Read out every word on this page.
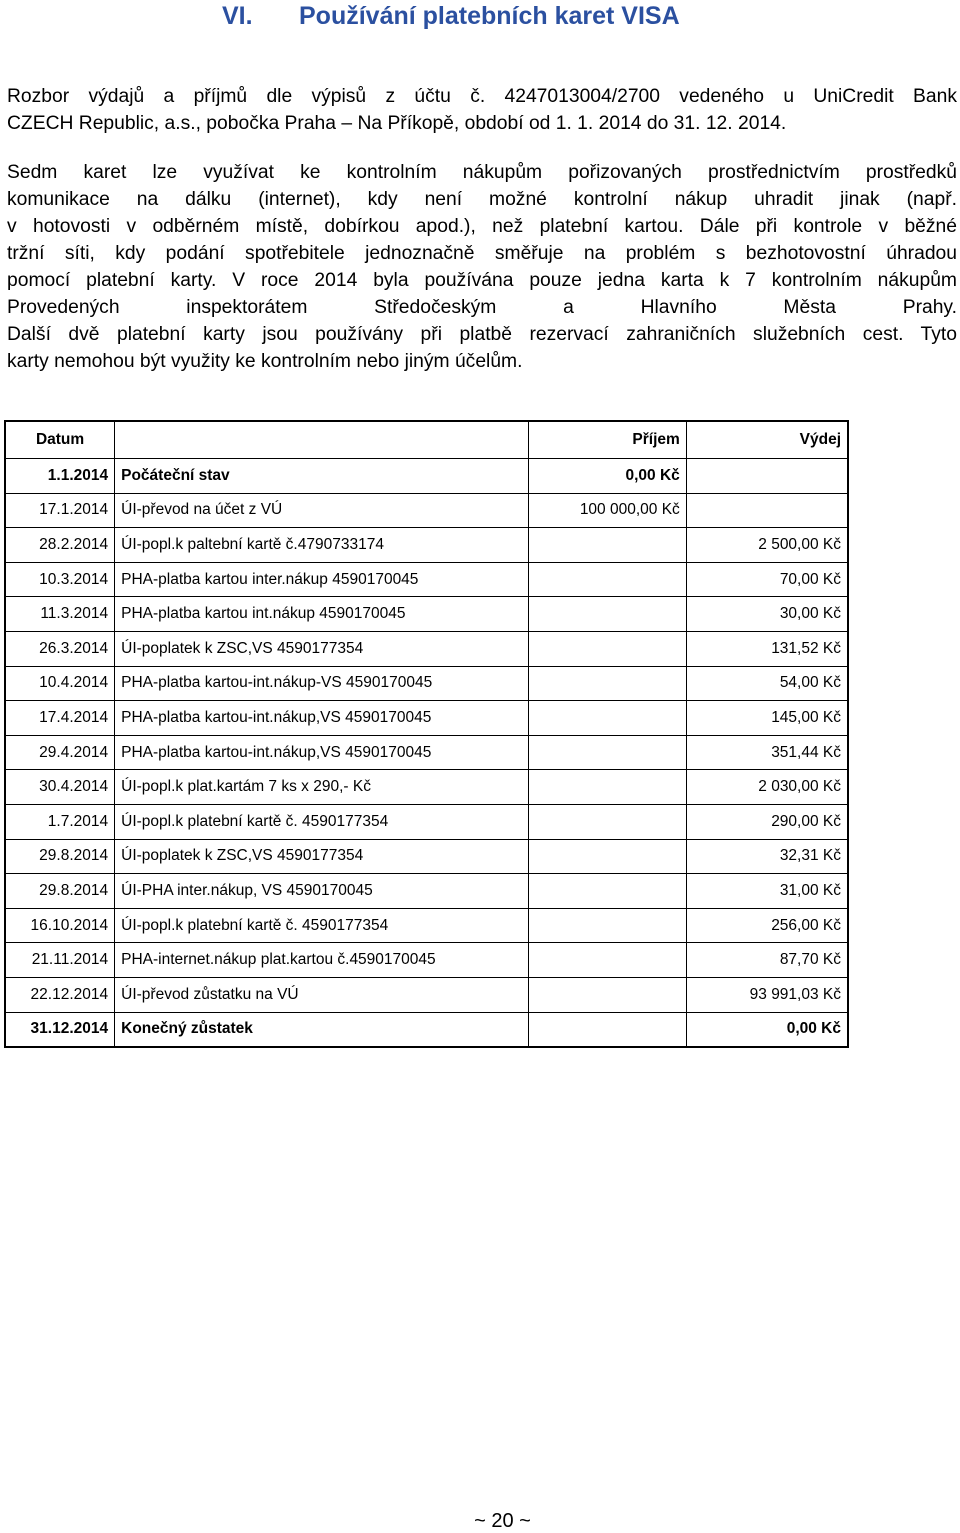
VI. Používání platebních karet VISA
Rozbor výdajů a příjmů dle výpisů z účtu č. 4247013004/2700 vedeného u UniCredit Bank
CZECH Republic, a.s., pobočka Praha – Na Příkopě, období od 1. 1. 2014 do 31. 12. 2014.
Sedm karet lze využívat ke kontrolním nákupům pořizovaných prostřednictvím prostředků
komunikace na dálku (internet), kdy není možné kontrolní nákup uhradit jinak (např.
v hotovosti v odběrném místě, dobírkou apod.), než platební kartou. Dále při kontrole v běžné
tržní síti, kdy podání spotřebitele jednoznačně směřuje na problém s bezhotovostní úhradou
pomocí platební karty. V roce 2014 byla používána pouze jedna karta k 7 kontrolním nákupům
Provedených inspektorátem Středočeským a Hlavního Města Prahy.
Další dvě platební karty jsou používány při platbě rezervací zahraničních služebních cest. Tyto
karty nemohou být využity ke kontrolním nebo jiným účelům.
Datum		Příjem	Výdej
1.1.2014	Počáteční stav	0,00 Kč	
17.1.2014	ÚI-převod na účet z VÚ	100 000,00 Kč	
28.2.2014	ÚI-popl.k paltební kartě č.4790733174		2 500,00 Kč
10.3.2014	PHA-platba kartou inter.nákup 4590170045		70,00 Kč
11.3.2014	PHA-platba kartou int.nákup 4590170045		30,00 Kč
26.3.2014	ÚI-poplatek k ZSC,VS 4590177354		131,52 Kč
10.4.2014	PHA-platba kartou-int.nákup-VS 4590170045		54,00 Kč
17.4.2014	PHA-platba kartou-int.nákup,VS 4590170045		145,00 Kč
29.4.2014	PHA-platba kartou-int.nákup,VS 4590170045		351,44 Kč
30.4.2014	ÚI-popl.k plat.kartám 7 ks x 290,- Kč		2 030,00 Kč
1.7.2014	ÚI-popl.k platební kartě č. 4590177354		290,00 Kč
29.8.2014	ÚI-poplatek k ZSC,VS 4590177354		32,31 Kč
29.8.2014	ÚI-PHA inter.nákup, VS 4590170045		31,00 Kč
16.10.2014	ÚI-popl.k platební kartě č. 4590177354		256,00 Kč
21.11.2014	PHA-internet.nákup plat.kartou č.4590170045		87,70 Kč
22.12.2014	ÚI-převod zůstatku na VÚ		93 991,03 Kč
31.12.2014	Konečný zůstatek		0,00 Kč
~ 20 ~
